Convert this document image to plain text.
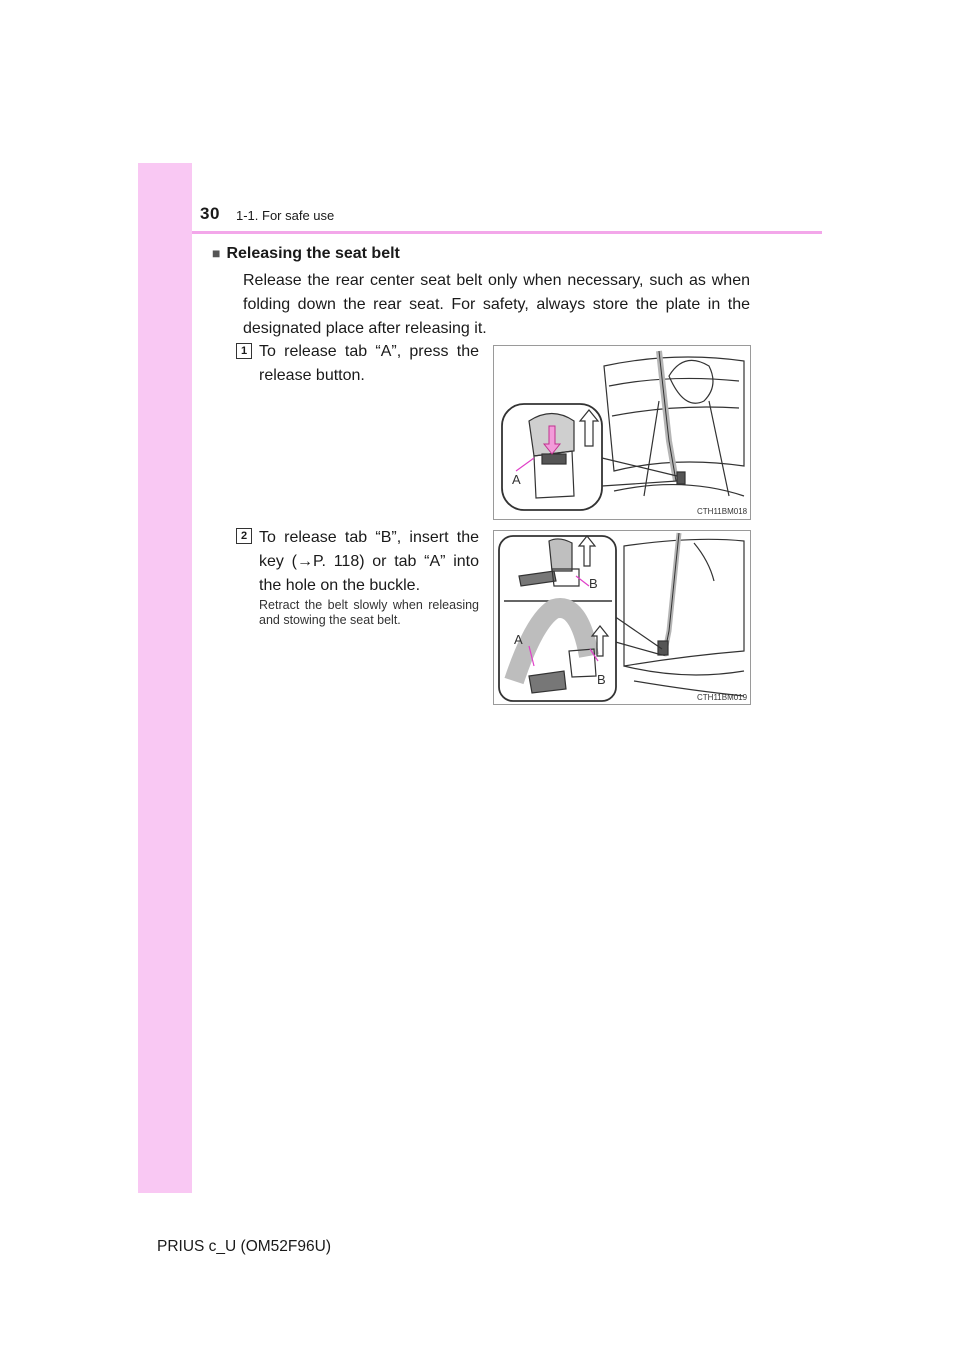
30 1-1. For safe use
■ Releasing the seat belt
Release the rear center seat belt only when necessary, such as when folding down the rear seat. For safety, always store the plate in the designated place after releasing it.
1 To release tab “A”, press the release button.
A
CTH11BM018
2 To release tab “B”, insert the key (→P. 118) or tab “A” into the hole on the buckle.
Retract the belt slowly when releasing and stowing the seat belt.
B
A
B
CTH11BM019
PRIUS c_U (OM52F96U)
